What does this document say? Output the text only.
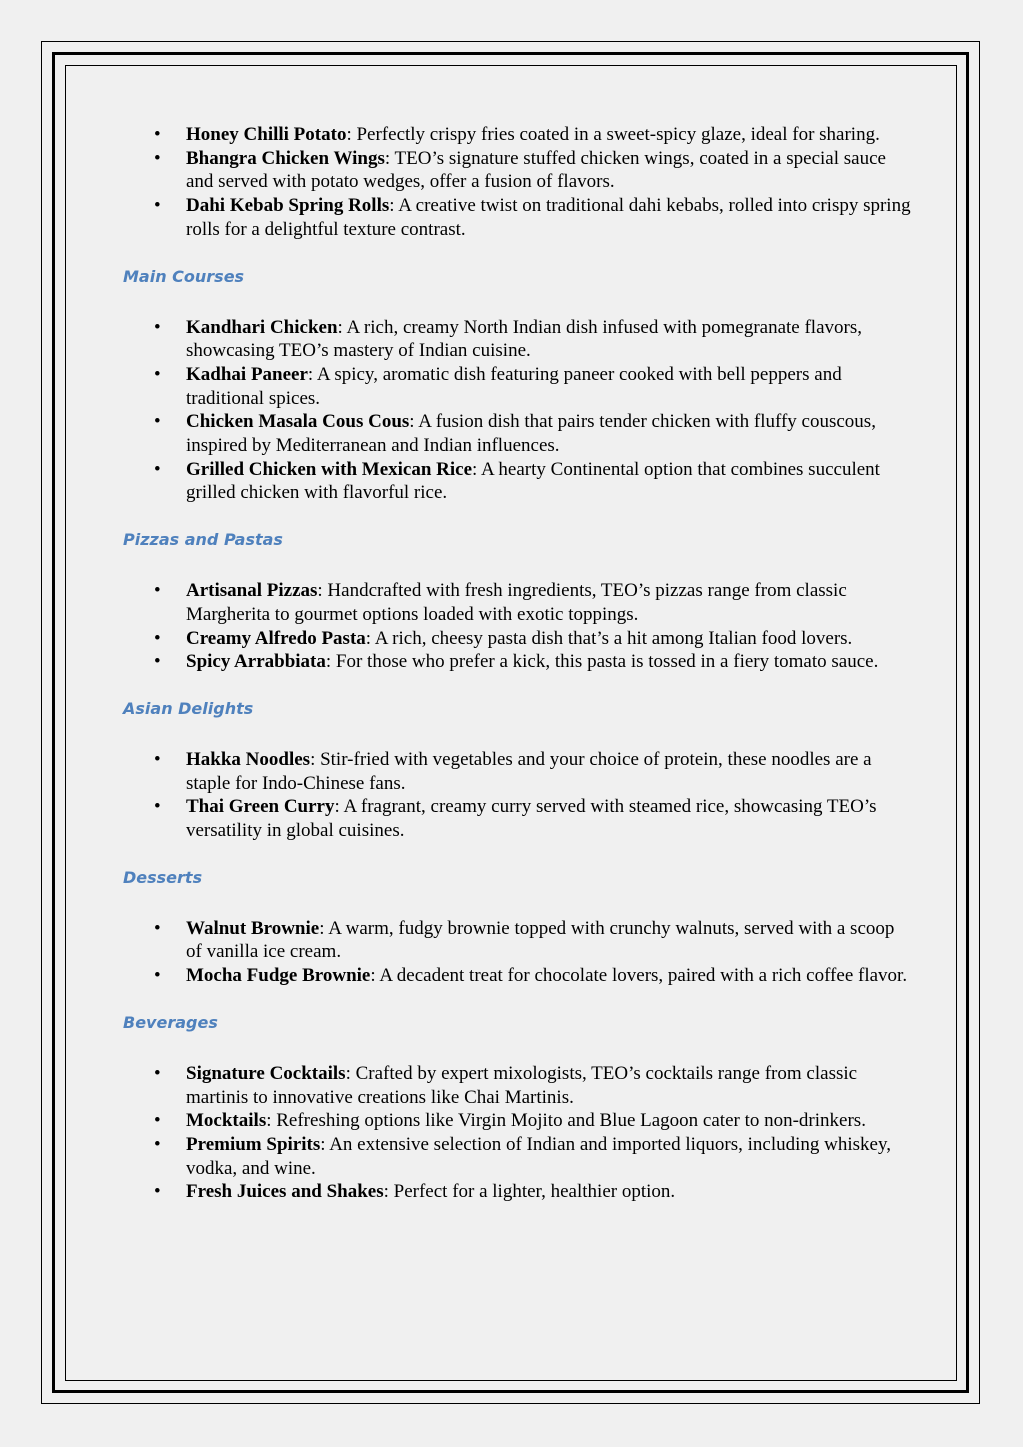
• Honey Chilli Potato: Perfectly crispy fries coated in a sweet-spicy glaze, ideal for sharing.
• Bhangra Chicken Wings: TEO’s signature stuffed chicken wings, coated in a special sauce and served with potato wedges, offer a fusion of flavors.
• Dahi Kebab Spring Rolls: A creative twist on traditional dahi kebabs, rolled into crispy spring rolls for a delightful texture contrast.
Main Courses
• Kandhari Chicken: A rich, creamy North Indian dish infused with pomegranate flavors, showcasing TEO’s mastery of Indian cuisine.
• Kadhai Paneer: A spicy, aromatic dish featuring paneer cooked with bell peppers and traditional spices.
• Chicken Masala Cous Cous: A fusion dish that pairs tender chicken with fluffy couscous, inspired by Mediterranean and Indian influences.
• Grilled Chicken with Mexican Rice: A hearty Continental option that combines succulent grilled chicken with flavorful rice.
Pizzas and Pastas
• Artisanal Pizzas: Handcrafted with fresh ingredients, TEO’s pizzas range from classic Margherita to gourmet options loaded with exotic toppings.
• Creamy Alfredo Pasta: A rich, cheesy pasta dish that’s a hit among Italian food lovers.
• Spicy Arrabbiata: For those who prefer a kick, this pasta is tossed in a fiery tomato sauce.
Asian Delights
• Hakka Noodles: Stir-fried with vegetables and your choice of protein, these noodles are a staple for Indo-Chinese fans.
• Thai Green Curry: A fragrant, creamy curry served with steamed rice, showcasing TEO’s versatility in global cuisines.
Desserts
• Walnut Brownie: A warm, fudgy brownie topped with crunchy walnuts, served with a scoop of vanilla ice cream.
• Mocha Fudge Brownie: A decadent treat for chocolate lovers, paired with a rich coffee flavor.
Beverages
• Signature Cocktails: Crafted by expert mixologists, TEO’s cocktails range from classic martinis to innovative creations like Chai Martinis.
• Mocktails: Refreshing options like Virgin Mojito and Blue Lagoon cater to non-drinkers.
• Premium Spirits: An extensive selection of Indian and imported liquors, including whiskey, vodka, and wine.
• Fresh Juices and Shakes: Perfect for a lighter, healthier option.
